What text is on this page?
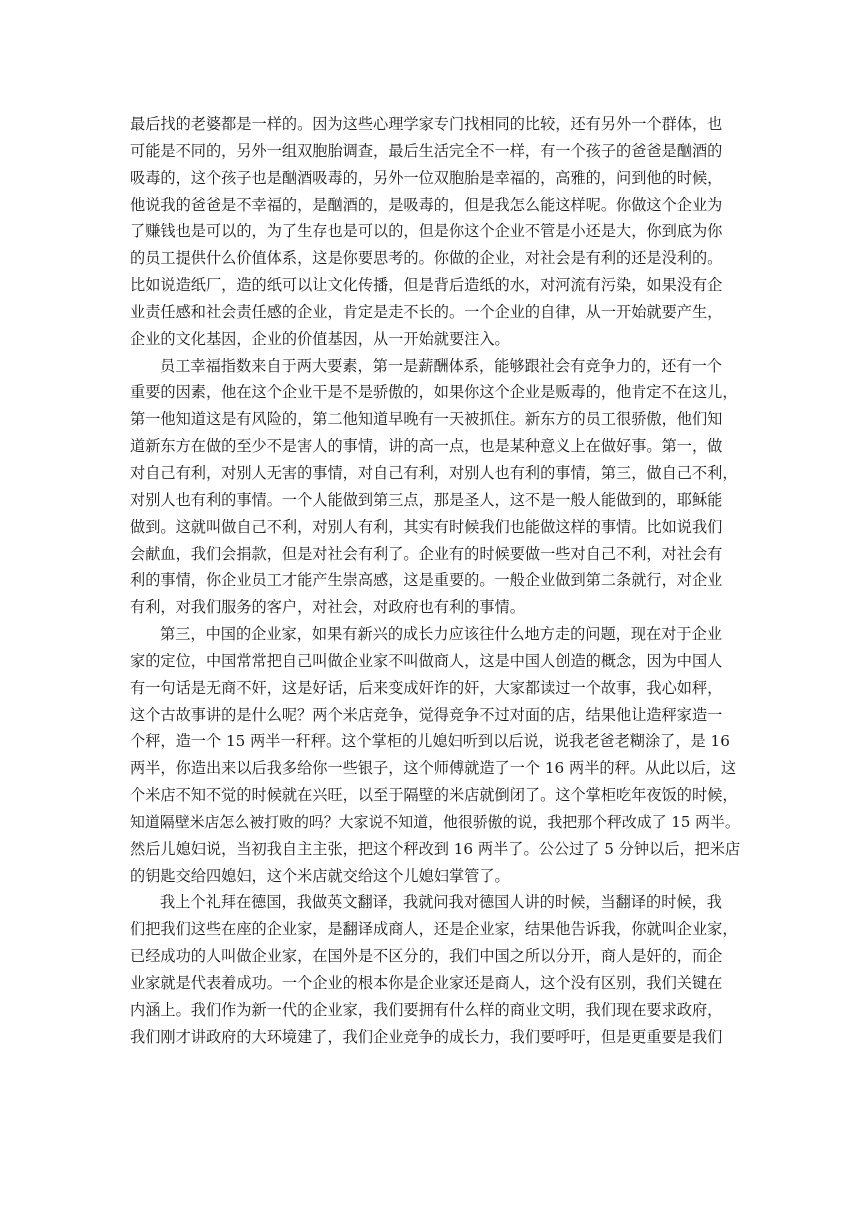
最后找的老婆都是一样的。因为这些心理学家专门找相同的比较，还有另外一个群体，也
可能是不同的，另外一组双胞胎调查，最后生活完全不一样，有一个孩子的爸爸是酗酒的
吸毒的，这个孩子也是酗酒吸毒的，另外一位双胞胎是幸福的，高雅的，问到他的时候，
他说我的爸爸是不幸福的，是酗酒的，是吸毒的，但是我怎么能这样呢。你做这个企业为
了赚钱也是可以的，为了生存也是可以的，但是你这个企业不管是小还是大，你到底为你
的员工提供什么价值体系，这是你要思考的。你做的企业，对社会是有利的还是没利的。
比如说造纸厂，造的纸可以让文化传播，但是背后造纸的水，对河流有污染，如果没有企
业责任感和社会责任感的企业，肯定是走不长的。一个企业的自律，从一开始就要产生，
企业的文化基因，企业的价值基因，从一开始就要注入。
员工幸福指数来自于两大要素，第一是薪酬体系，能够跟社会有竞争力的，还有一个
重要的因素，他在这个企业干是不是骄傲的，如果你这个企业是贩毒的，他肯定不在这儿，
第一他知道这是有风险的，第二他知道早晚有一天被抓住。新东方的员工很骄傲，他们知
道新东方在做的至少不是害人的事情，讲的高一点，也是某种意义上在做好事。第一，做
对自己有利，对别人无害的事情，对自己有利，对别人也有利的事情，第三，做自己不利，
对别人也有利的事情。一个人能做到第三点，那是圣人，这不是一般人能做到的，耶稣能
做到。这就叫做自己不利，对别人有利，其实有时候我们也能做这样的事情。比如说我们
会献血，我们会捐款，但是对社会有利了。企业有的时候要做一些对自己不利，对社会有
利的事情，你企业员工才能产生崇高感，这是重要的。一般企业做到第二条就行，对企业
有利，对我们服务的客户，对社会，对政府也有利的事情。
第三，中国的企业家，如果有新兴的成长力应该往什么地方走的问题，现在对于企业
家的定位，中国常常把自己叫做企业家不叫做商人，这是中国人创造的概念，因为中国人
有一句话是无商不奸，这是好话，后来变成奸诈的奸，大家都读过一个故事，我心如秤，
这个古故事讲的是什么呢？两个米店竞争，觉得竞争不过对面的店，结果他让造秤家造一
个秤，造一个 15 两半一秆秤。这个掌柜的儿媳妇听到以后说，说我老爸老糊涂了，是 16
两半，你造出来以后我多给你一些银子，这个师傅就造了一个 16 两半的秤。从此以后，这
个米店不知不觉的时候就在兴旺，以至于隔壁的米店就倒闭了。这个掌柜吃年夜饭的时候，
知道隔壁米店怎么被打败的吗？大家说不知道，他很骄傲的说，我把那个秤改成了 15 两半。
然后儿媳妇说，当初我自主主张，把这个秤改到 16 两半了。公公过了 5 分钟以后，把米店
的钥匙交给四媳妇，这个米店就交给这个儿媳妇掌管了。
我上个礼拜在德国，我做英文翻译，我就问我对德国人讲的时候，当翻译的时候，我
们把我们这些在座的企业家，是翻译成商人，还是企业家，结果他告诉我，你就叫企业家，
已经成功的人叫做企业家，在国外是不区分的，我们中国之所以分开，商人是奸的，而企
业家就是代表着成功。一个企业的根本你是企业家还是商人，这个没有区别，我们关键在
内涵上。我们作为新一代的企业家，我们要拥有什么样的商业文明，我们现在要求政府，
我们刚才讲政府的大环境建了，我们企业竞争的成长力，我们要呼吁，但是更重要是我们
